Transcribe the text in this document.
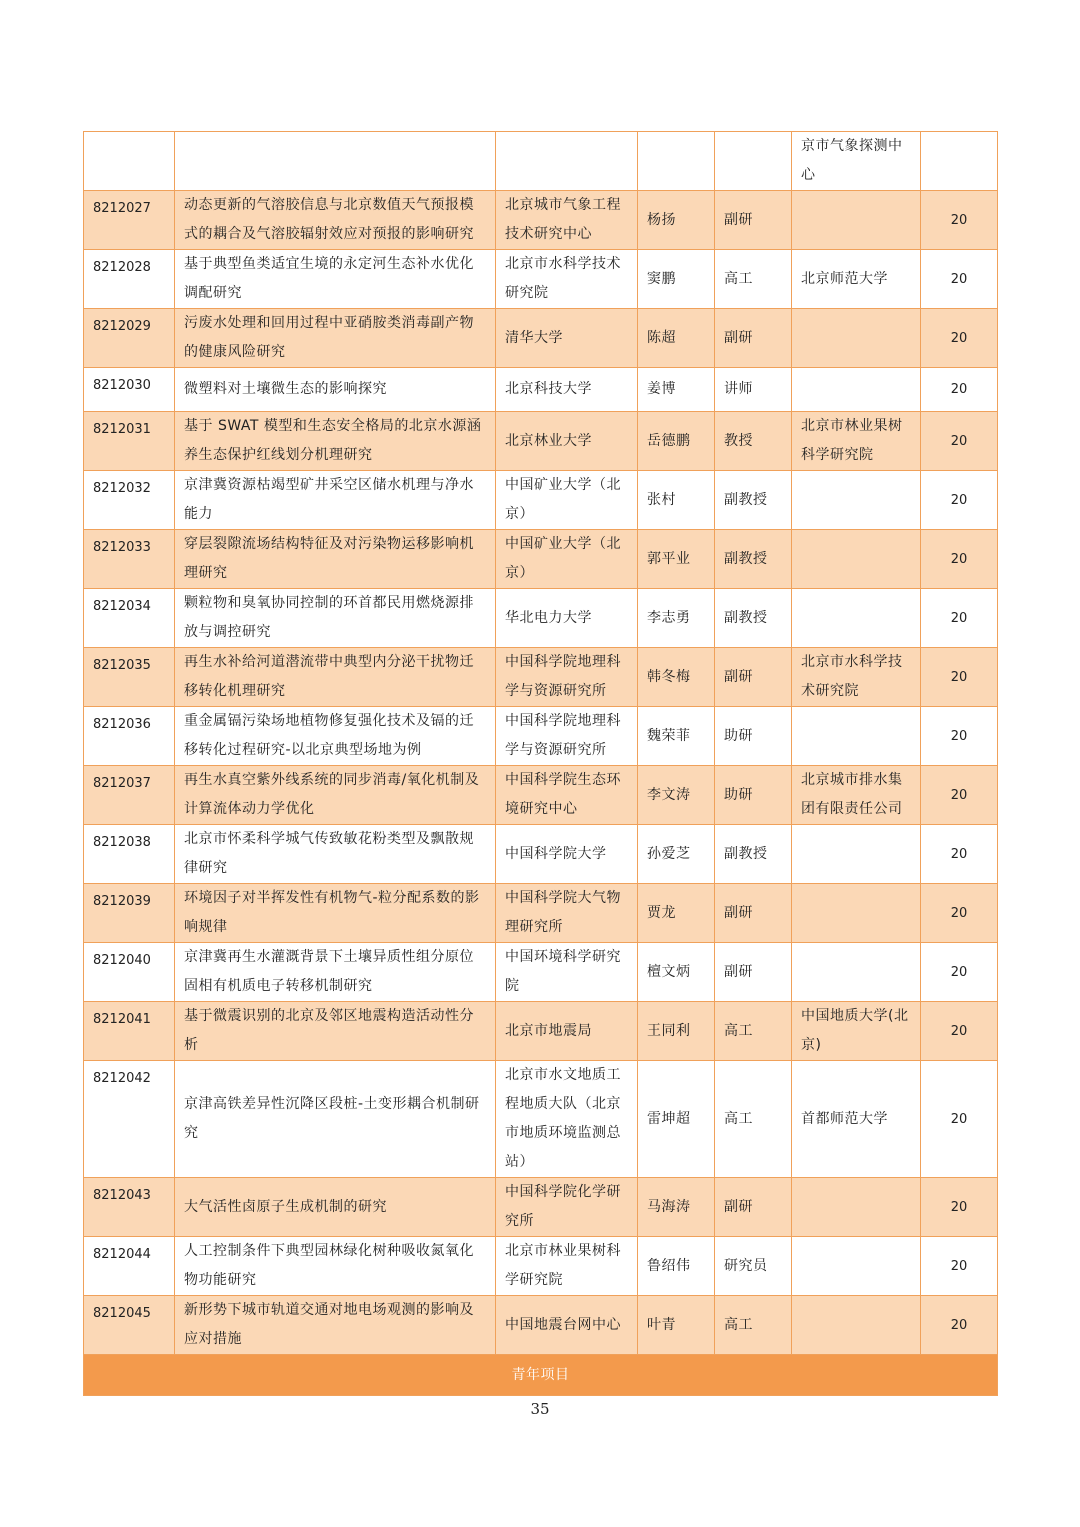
					京市气象探测中心	
8212027	动态更新的气溶胶信息与北京数值天气预报模式的耦合及气溶胶辐射效应对预报的影响研究	北京城市气象工程技术研究中心	杨扬	副研		20
8212028	基于典型鱼类适宜生境的永定河生态补水优化调配研究	北京市水科学技术研究院	窦鹏	高工	北京师范大学	20
8212029	污废水处理和回用过程中亚硝胺类消毒副产物的健康风险研究	清华大学	陈超	副研		20
8212030	微塑料对土壤微生态的影响探究	北京科技大学	姜博	讲师		20
8212031	基于 SWAT 模型和生态安全格局的北京水源涵养生态保护红线划分机理研究	北京林业大学	岳德鹏	教授	北京市林业果树科学研究院	20
8212032	京津冀资源枯竭型矿井采空区储水机理与净水能力	中国矿业大学（北京）	张村	副教授		20
8212033	穿层裂隙流场结构特征及对污染物运移影响机理研究	中国矿业大学（北京）	郭平业	副教授		20
8212034	颗粒物和臭氧协同控制的环首都民用燃烧源排放与调控研究	华北电力大学	李志勇	副教授		20
8212035	再生水补给河道潜流带中典型内分泌干扰物迁移转化机理研究	中国科学院地理科学与资源研究所	韩冬梅	副研	北京市水科学技术研究院	20
8212036	重金属镉污染场地植物修复强化技术及镉的迁移转化过程研究-以北京典型场地为例	中国科学院地理科学与资源研究所	魏荣菲	助研		20
8212037	再生水真空紫外线系统的同步消毒/氧化机制及计算流体动力学优化	中国科学院生态环境研究中心	李文涛	助研	北京城市排水集团有限责任公司	20
8212038	北京市怀柔科学城气传致敏花粉类型及飘散规律研究	中国科学院大学	孙爱芝	副教授		20
8212039	环境因子对半挥发性有机物气-粒分配系数的影响规律	中国科学院大气物理研究所	贾龙	副研		20
8212040	京津冀再生水灌溉背景下土壤异质性组分原位固相有机质电子转移机制研究	中国环境科学研究院	檀文炳	副研		20
8212041	基于微震识别的北京及邻区地震构造活动性分析	北京市地震局	王同利	高工	中国地质大学(北京)	20
8212042	京津高铁差异性沉降区段桩-土变形耦合机制研究	北京市水文地质工程地质大队（北京市地质环境监测总站）	雷坤超	高工	首都师范大学	20
8212043	大气活性卤原子生成机制的研究	中国科学院化学研究所	马海涛	副研		20
8212044	人工控制条件下典型园林绿化树种吸收氮氧化物功能研究	北京市林业果树科学研究院	鲁绍伟	研究员		20
8212045	新形势下城市轨道交通对地电场观测的影响及应对措施	中国地震台网中心	叶青	高工		20
青年项目						
35
